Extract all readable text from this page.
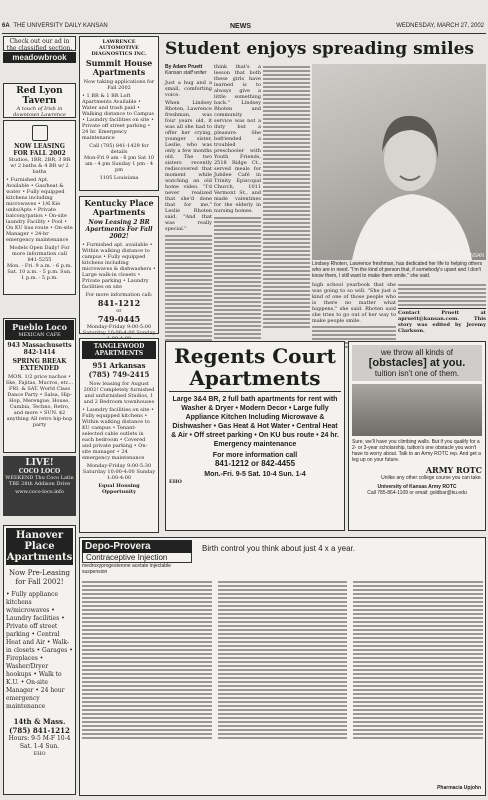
6A THE UNIVERSITY DAILY KANSAN	NEWS	WEDNESDAY, MARCH 27, 2002
Check out our ad in the classified section.
meadowbrook
Red Lyon Tavern
A touch of Irish in downtown Lawrence
NOW LEASING FOR FALL 2002
Studios, 1BR, 2BR, 3 BR w/ 2 baths & 4 BR w/ 2 baths
• Furnished Apt. Available • Gas/heat & water • Fully equipped kitchens including microwaves • 1/6 Kie units/Apts • Private balcony/patios • On-site laundry Facility • Pool • On KU bus route • On-site Manager • 24-hr emergency maintenance
Models Open Daily! For more information call 841-5255
Mon. - Fri. 9 a.m. - 6 p.m. Sat. 10 a.m. - 5 p.m. Sun. 1 p.m. - 5 p.m.
Pueblo Loco
MEXICAN CAFE
943 Massachusetts
842-1414
SPRING BREAK EXTENDED
MON. 1/2 price nachos • Ske, Fajitas, Mucros, etc... FRI. & SAT. World Class Dance Party • Salsa, Hip-Hop, Merengue, House, Cumbia, Techno, Retro, and more • SUN. $2 anything All retro hip-hop party
LIVE!
COCO LOCO
WEEKEND Thu Coco Latin
TBE 28th Addison Drive
www.coco-loco.info
Hanover Place Apartments
Now Pre-Leasing for Fall 2002!
• Fully appliance kitchens w/microwaves • Laundry facilities • Private off street parking • Central Heat and Air • Walk-in closets • Garages • Fireplaces • Washer/Dryer hookups • Walk to K.U. • On-site Manager • 24 hour emergency maintenance
14th & Mass.
(785) 841-1212
Hours: 9-5 M-F 10-4 Sat. 1-4 Sun.
EHO
LAWRENCE AUTOMOTIVE DIAGNOSTICS INC.
Summit House Apartments
Now taking applications for Fall 2002
• 1 BR & 1 BR Loft Apartments Available • Water and trash paid • Walking distance to Campus • Laundry facilities on site • Private off street parking • 24 hr. Emergency maintenance
Call (785) 841-1429 for details
Mon-Fri 9 am - 6 pm Sat 10 am - 4 pm Sunday 1 pm - 4 pm
1105 Louisiana
Kentucky Place Apartments
Now Leasing 2 BR Apartments For Fall 2002!
• Furnished apt. available • Within walking distance to campus • Fully equipped kitchens including microwaves & dishwashers • Large walk-in closets • Private parking • Laundry facilities on site
For more information call:
841-1212
or
749-0445
Monday-Friday 9:00-5:00 Saturday 10:00-4:00 Sunday
TANGLEWOOD APARTMENTS
951 Arkansas
(785) 749-2415
Now leasing for August 2002! Completely furnished and unfurnished Studios, 1 and 2 Bedroom townhouses
• Laundry facilities on site • Fully equipped kitchens • Within walking distance to KU campus • Tenant-selected cable outlets in each bedroom • Covered and private parking • On-site manager • 24 emergency maintenance
Monday-Friday 9:00-5:30 Saturday 10:00-4:00 Sunday 1:00-4:00
Equal Housing Opportunity
Student enjoys spreading smiles
By Adam Pruett
Kansan staff writer
Just a hug and a small, comforting voice.
When Lindsey Rhoten, Lawrence freshman, was four years old, it was all she had to offer her crying, younger sister, Leslie, who was only a few months old. The two sisters recently rediscovered that moment while watching an old home video. "I'd never realized that she'd done that for me," Leslie Rhoten said. "And that was really special."
think that's a lesson that both these girls have learned is to always give a little something back." Lindsey Rhoten and community service was not a duty but a pleasure. She befriended a troubled preschooler with Youth Friends, 2518 Ridge Ct., served meals for Jubilee Café in Trinity Episcopal Church, 1011 Vermont St., and made valentines for the elderly in nursing homes.
ADAM PRUETT/KANSAN
Lindsey Rhoten, Lawrence freshman, has dedicated her life to helping others who are in need. "I'm the kind of person that, if somebody's upset and I don't know them, I still want to make them smile," she said.
high school yearbook that she was going to so will. "She just a kind of one of those people who is there no matter what happens," she said. Rhoten said she tries to go out of her way to make people smile.
Contact Pruett at apruett@kansan.com. This story was edited by Jeremy Clarkson.
Regents Court
Apartments
Large 3&4 BR, 2 full bath apartments for rent with Washer & Dryer • Modern Decor • Large fully Appliance Kitchen Including Microwave & Dishwasher • Gas Heat & Hot Water • Central Heat & Air • Off street parking • On KU bus route • 24 hr. Emergency maintenance
For more information call
841-1212 or 842-4455
Mon.-Fri. 9-5 Sat. 10-4 Sun. 1-4
EHO
we throw all kinds of
[obstacles] at you.
tuition isn't one of them.
Sure, we'll have you climbing walls. But if you qualify for a 2- or 3-year scholarship, tuition's one obstacle you won't have to worry about. Talk to an Army ROTC rep. And get a leg up on your future.
ARMY ROTC
Unlike any other college course you can take.
University of Kansas Army ROTC
Call 785-864-1109 or email: goldbar@ku.edu
Depo-Provera
Contraceptive Injection
medroxyprogesterone acetate injectable suspension
Birth control you think about just 4 x a year.
Pharmacia Upjohn
